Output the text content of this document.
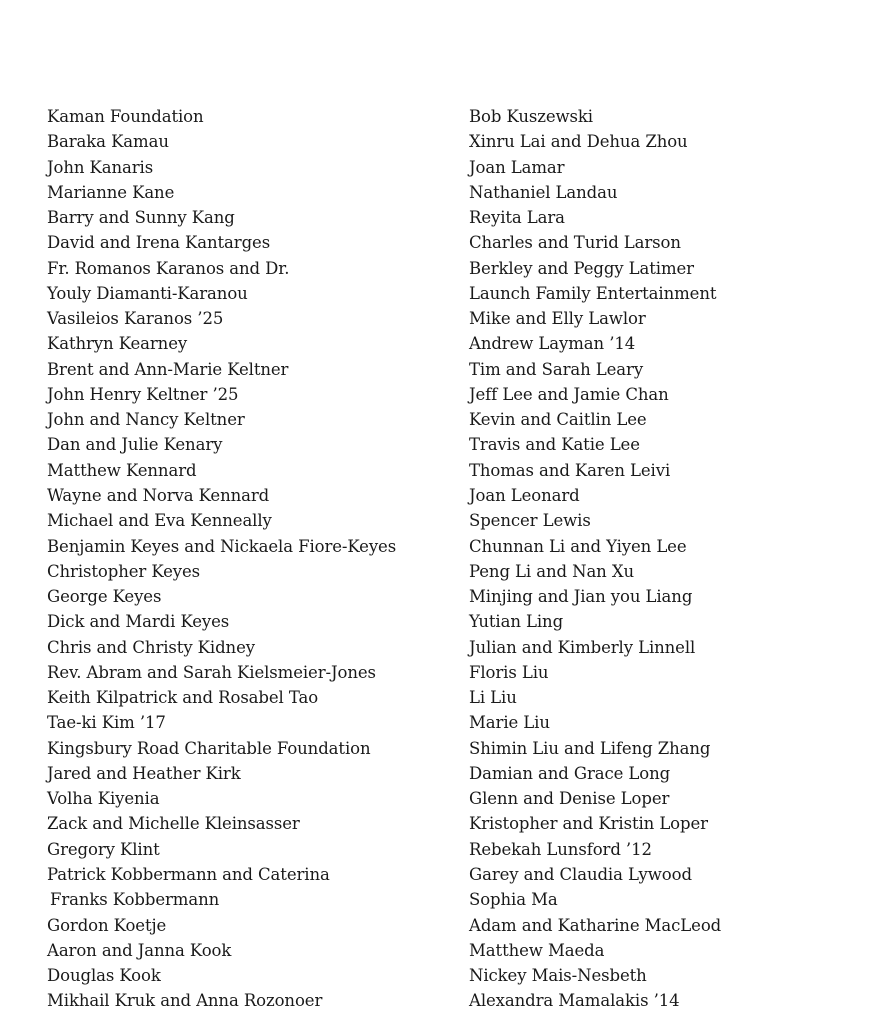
Kaman Foundation
Baraka Kamau
John Kanaris
Marianne Kane
Barry and Sunny Kang
David and Irena Kantarges
Fr. Romanos Karanos and Dr.
Youly Diamanti-Karanou
Vasileios Karanos ’25
Kathryn Kearney
Brent and Ann-Marie Keltner
John Henry Keltner ’25
John and Nancy Keltner
Dan and Julie Kenary
Matthew Kennard
Wayne and Norva Kennard
Michael and Eva Kenneally
Benjamin Keyes and Nickaela Fiore-Keyes
Christopher Keyes
George Keyes
Dick and Mardi Keyes
Chris and Christy Kidney
Rev. Abram and Sarah Kielsmeier-Jones
Keith Kilpatrick and Rosabel Tao
Tae-ki Kim ’17
Kingsbury Road Charitable Foundation
Jared and Heather Kirk
Volha Kiyenia
Zack and Michelle Kleinsasser
Gregory Klint
Patrick Kobbermann and Caterina
Franks Kobbermann
Gordon Koetje
Aaron and Janna Kook
Douglas Kook
Mikhail Kruk and Anna Rozonoer
Bob Kuszewski
Xinru Lai and Dehua Zhou
Joan Lamar
Nathaniel Landau
Reyita Lara
Charles and Turid Larson
Berkley and Peggy Latimer
Launch Family Entertainment
Mike and Elly Lawlor
Andrew Layman ’14
Tim and Sarah Leary
Jeff Lee and Jamie Chan
Kevin and Caitlin Lee
Travis and Katie Lee
Thomas and Karen Leivi
Joan Leonard
Spencer Lewis
Chunnan Li and Yiyen Lee
Peng Li and Nan Xu
Minjing and Jian you Liang
Yutian Ling
Julian and Kimberly Linnell
Floris Liu
Li Liu
Marie Liu
Shimin Liu and Lifeng Zhang
Damian and Grace Long
Glenn and Denise Loper
Kristopher and Kristin Loper
Rebekah Lunsford ’12
Garey and Claudia Lywood
Sophia Ma
Adam and Katharine MacLeod
Matthew Maeda
Nickey Mais-Nesbeth
Alexandra Mamalakis ’14
